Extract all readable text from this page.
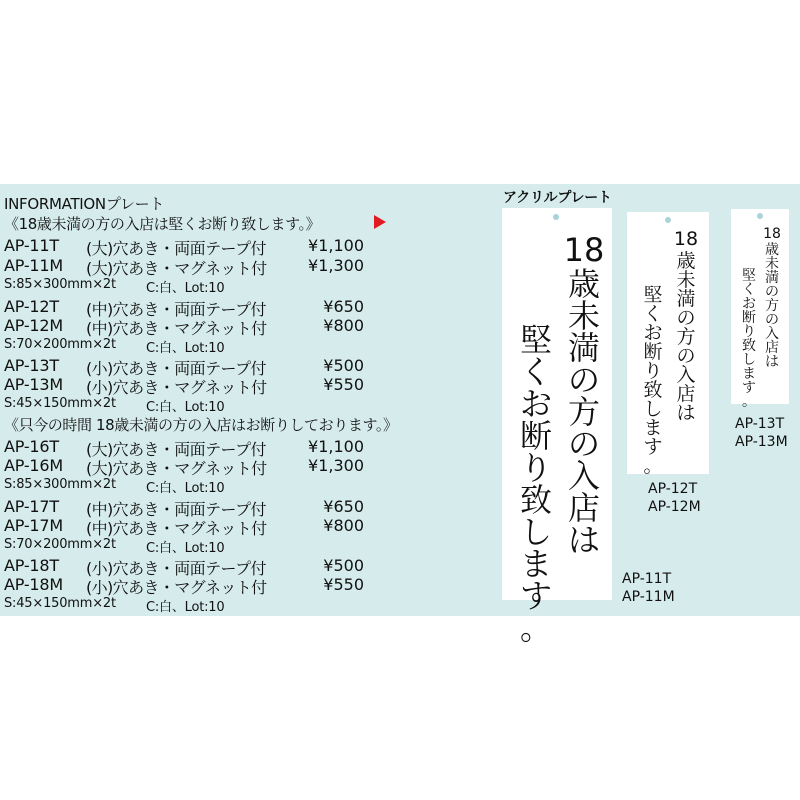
INFORMATIONプレート
《18歳未満の方の入店は堅くお断り致します。》
AP-11T (大)穴あき・両面テープ付	¥1,100
AP-11M (大)穴あき・マグネット付	¥1,300
S:85×300mm×2t C:白、Lot:10
AP-12T (中)穴あき・両面テープ付	¥650
AP-12M (中)穴あき・マグネット付	¥800
S:70×200mm×2t C:白、Lot:10
AP-13T (小)穴あき・両面テープ付	¥500
AP-13M (小)穴あき・マグネット付	¥550
S:45×150mm×2t C:白、Lot:10
《只今の時間 18歳未満の方の入店はお断りしております。》
AP-16T (大)穴あき・両面テープ付	¥1,100
AP-16M (大)穴あき・マグネット付	¥1,300
S:85×300mm×2t C:白、Lot:10
AP-17T (中)穴あき・両面テープ付	¥650
AP-17M (中)穴あき・マグネット付	¥800
S:70×200mm×2t C:白、Lot:10
AP-18T (小)穴あき・両面テープ付	¥500
AP-18M (小)穴あき・マグネット付	¥550
S:45×150mm×2t C:白、Lot:10
アクリルプレート
18
歳
未
満
の
方
の
入
店
は
堅
く
お
断
り
致
し
ま
す
。
AP-11T
AP-11M
18
歳
未
満
の
方
の
入
店
は
堅
く
お
断
り
致
し
ま
す
。
AP-12T
AP-12M
18
歳
未
満
の
方
の
入
店
は
堅
く
お
断
り
致
し
ま
す
。
AP-13T
AP-13M
